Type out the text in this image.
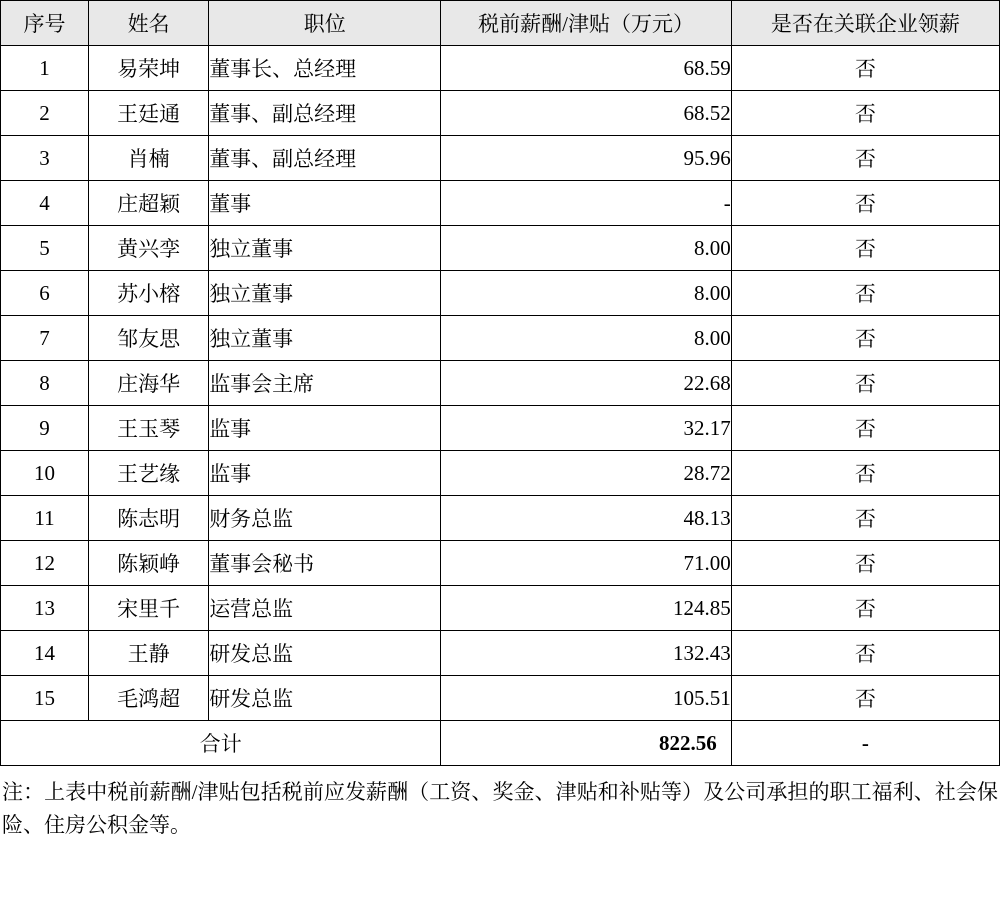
序号	姓名	职位	税前薪酬/津贴（万元）	是否在关联企业领薪
1	易荣坤	董事长、总经理	68.59	否
2	王廷通	董事、副总经理	68.52	否
3	肖楠	董事、副总经理	95.96	否
4	庄超颖	董事	-	否
5	黄兴孪	独立董事	8.00	否
6	苏小榕	独立董事	8.00	否
7	邹友思	独立董事	8.00	否
8	庄海华	监事会主席	22.68	否
9	王玉琴	监事	32.17	否
10	王艺缘	监事	28.72	否
11	陈志明	财务总监	48.13	否
12	陈颖峥	董事会秘书	71.00	否
13	宋里千	运营总监	124.85	否
14	王静	研发总监	132.43	否
15	毛鸿超	研发总监	105.51	否
合计			822.56	-

注：上表中税前薪酬/津贴包括税前应发薪酬（工资、奖金、津贴和补贴等）及公司承担的职工福利、社会保险、住房公积金等。
